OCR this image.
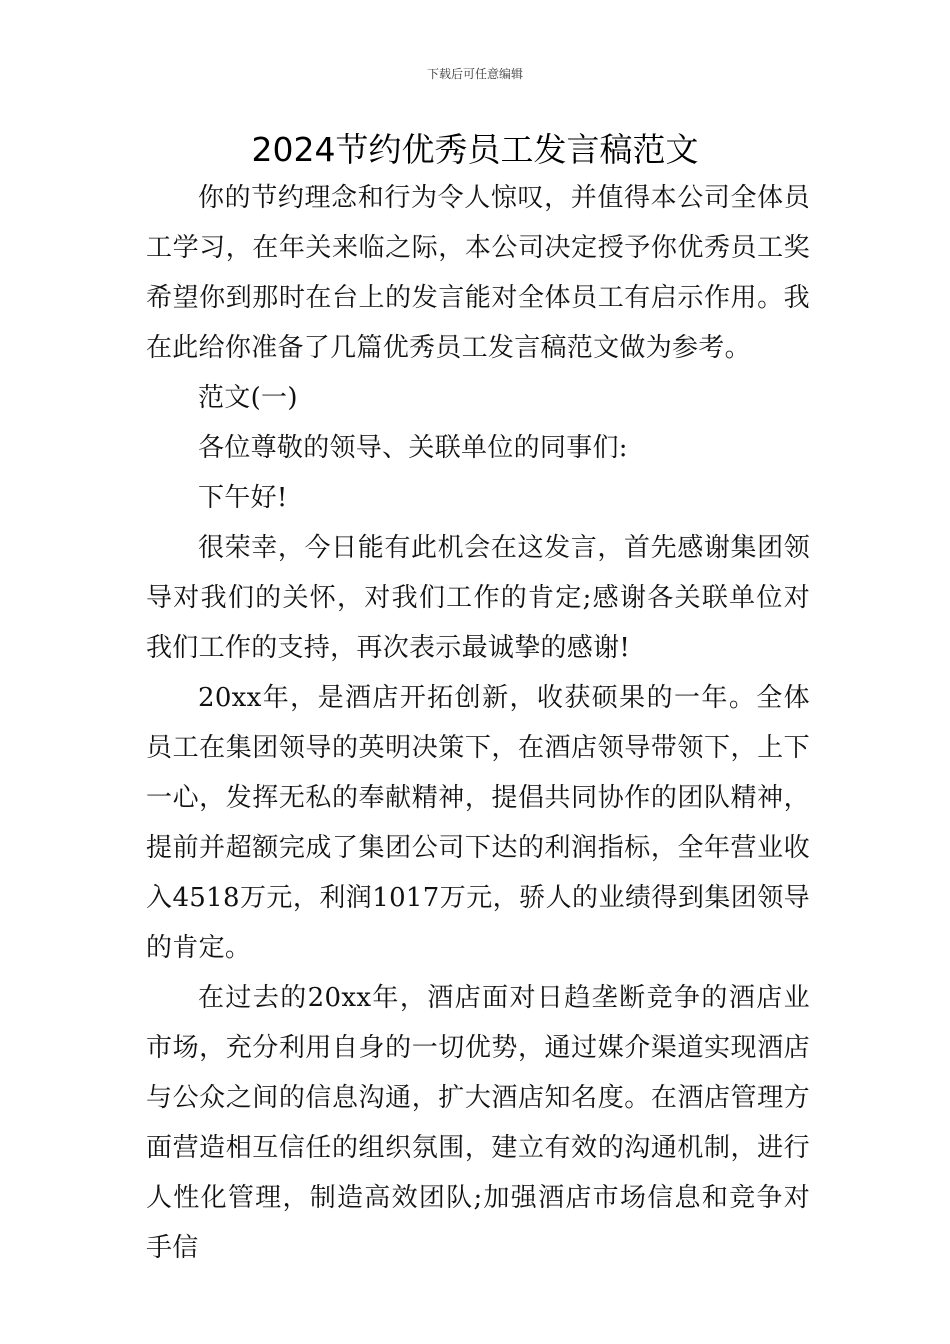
下载后可任意编辑
2024节约优秀员工发言稿范文

你的节约理念和行为令人惊叹，并值得本公司全体员工学习，在年关来临之际，本公司决定授予你优秀员工奖希望你到那时在台上的发言能对全体员工有启示作用。我在此给你准备了几篇优秀员工发言稿范文做为参考。

范文(一)

各位尊敬的领导、关联单位的同事们:

下午好!

很荣幸，今日能有此机会在这发言，首先感谢集团领导对我们的关怀，对我们工作的肯定;感谢各关联单位对我们工作的支持，再次表示最诚挚的感谢!

20xx年，是酒店开拓创新，收获硕果的一年。全体员工在集团领导的英明决策下，在酒店领导带领下，上下一心，发挥无私的奉献精神，提倡共同协作的团队精神，提前并超额完成了集团公司下达的利润指标，全年营业收入4518万元，利润1017万元，骄人的业绩得到集团领导的肯定。

在过去的20xx年，酒店面对日趋垄断竞争的酒店业市场，充分利用自身的一切优势，通过媒介渠道实现酒店与公众之间的信息沟通，扩大酒店知名度。在酒店管理方面营造相互信任的组织氛围，建立有效的沟通机制，进行人性化管理，制造高效团队;加强酒店市场信息和竞争对手信
